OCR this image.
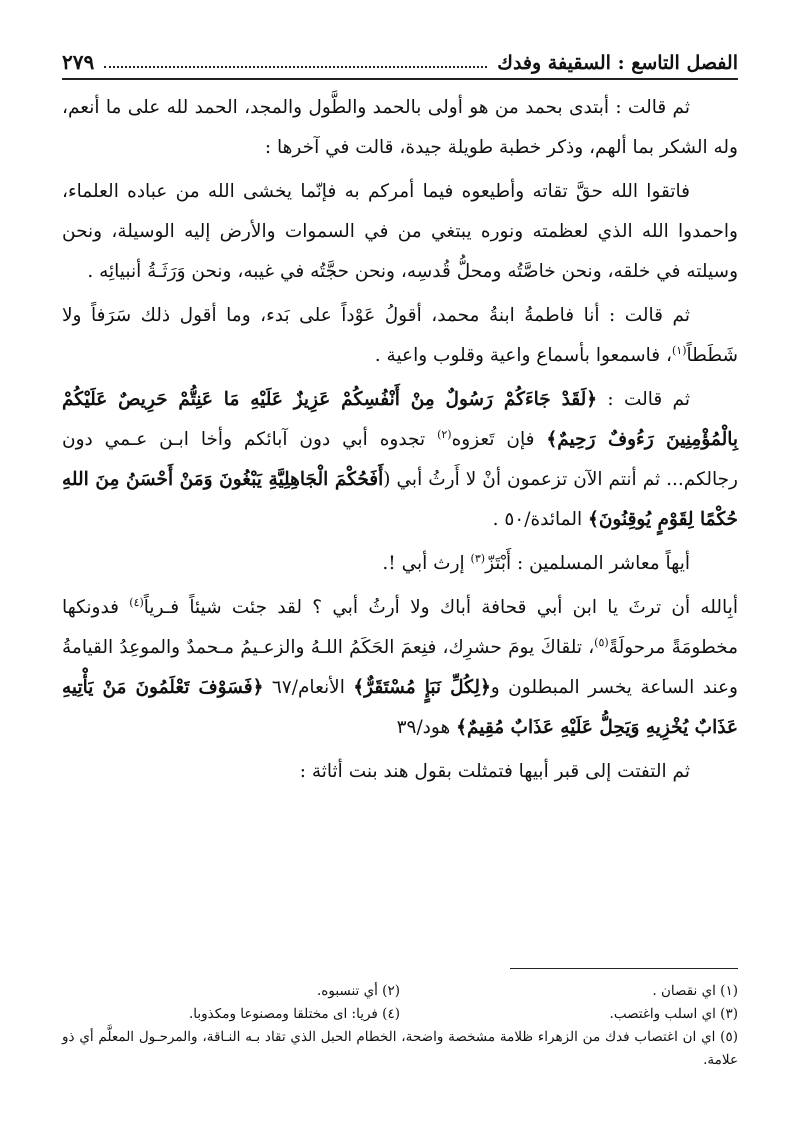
الفصل التاسع : السقيفة وفدك
٢٧٩

ثم قالت : أبتدى بحمد من هو أولى بالحمد والطَّول والمجد، الحمد لله على ما أنعم، وله الشكر بما ألهم، وذكر خطبة طويلة جيدة، قالت في آخرها :

فاتقوا الله حقَّ تقاته وأطيعوه فيما أمركم به فإنّما يخشى الله من عباده العلماء، واحمدوا الله الذي لعظمته ونوره يبتغي من في السموات والأرض إليه الوسيلة، ونحن وسيلته في خلقه، ونحن خاصَّتُه ومحلُّ قُدسِه، ونحن حجَّتُه في غيبه، ونحن وَرَثَـةُ أنبيائِه .

ثم قالت : أنا فاطمةُ ابنةُ محمد، أقولُ عَوْداً على بَدء، وما أقول ذلك سَرَفاً ولا شَطَطاً$^{(١)}$، فاسمعوا بأسماع واعية وقلوب واعية .

ثم قالت : ﴿لَقَدْ جَاءَكُمْ رَسُولٌ مِنْ أَنْفُسِكُمْ عَزِيزٌ عَلَيْهِ مَا عَنِتُّمْ حَرِيصٌ عَلَيْكُمْ بِالْمُؤْمِنِينَ رَءُوفٌ رَحِيمٌ﴾ فإن تَعزوه$^{(٢)}$ تجدوه أبي دون آبائكم وأخا ابـن عـمي دون رجالكم... ثم أنتم الآن تزعمون أنْ لا أَرثُ أبي (أَفَحُكْمَ الْجَاهِلِيَّةِ يَبْغُونَ وَمَنْ أَحْسَنُ مِنَ اللهِ حُكْمًا لِقَوْمٍ يُوقِنُونَ﴾ المائدة/٥٠ .

أيهاً معاشر المسلمين : أَبْتَزّ$^{(٣)}$ إرث أبي !.

أبِالله أن ترثَ يا ابن أبي قحافة أباك ولا أرثُ أبي ؟ لقد جئت شيئاً فـرياً$^{(٤)}$ فدونكها مخطومَةً مرحولَةً$^{(٥)}$، تلقاكَ يومَ حشرِك، فنِعمَ الحَكَمُ اللـهُ والزعـيمُ مـحمدٌ والموعِدُ القيامةُ وعند الساعة يخسر المبطلون و﴿لِكُلِّ نَبَإٍ مُسْتَقَرٌّ﴾ الأنعام/٦٧ ﴿فَسَوْفَ تَعْلَمُونَ مَنْ يَأْتِيهِ عَذَابٌ يُخْزِيهِ وَيَحِلُّ عَلَيْهِ عَذَابٌ مُقِيمٌ﴾ هود/٣٩

ثم التفتت إلى قبر أبيها فتمثلت بقول هند بنت أثاثة :

(١) اي نقصان .
(٢) أي تنسبوه.
(٣) اي اسلب واغتصب.
(٤) فريا: اى مختلقا ومصنوعا ومكذوبا.
(٥) اي ان اغتصاب فدك من الزهراء ظلامة مشخصة واضحة، الخطام الحبل الذي تقاد بـه النـاقة، والمرحـول المعلَّم أي ذو علامة.
